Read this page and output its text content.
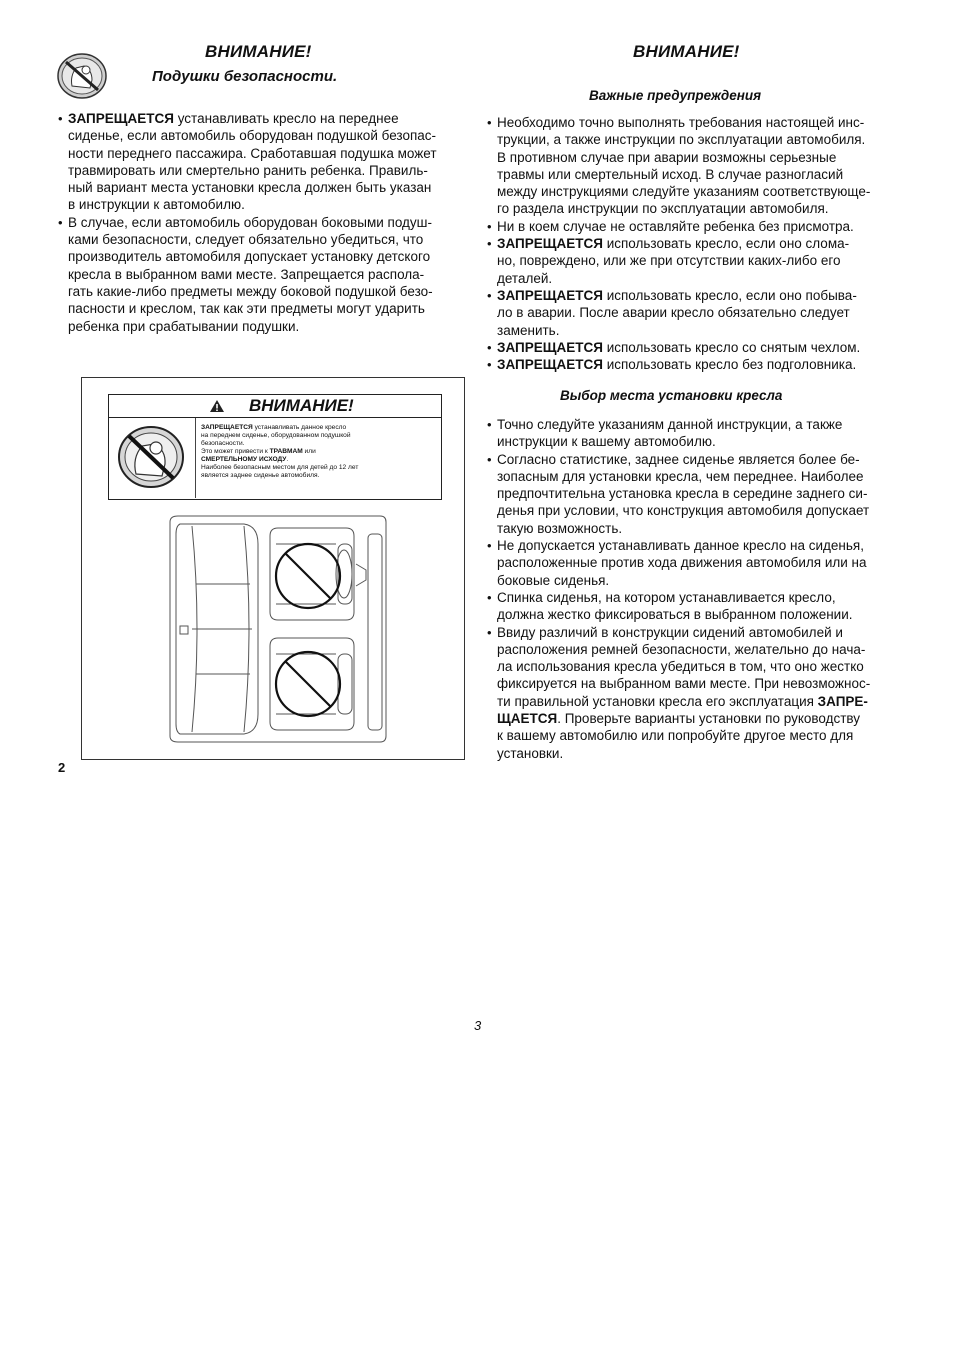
ВНИМАНИЕ!
Подушки безопасности.
• ЗАПРЕЩАЕТСЯ устанавливать кресло на переднее
сиденье, если автомобиль оборудован подушкой безопас-
ности переднего пассажира. Сработавшая подушка может
травмировать или смертельно ранить ребенка. Правиль-
ный вариант места установки кресла должен быть указан
в инструкции к автомобилю.
• В случае, если автомобиль оборудован боковыми подуш-
ками безопасности, следует обязательно убедиться, что
производитель автомобиля допускает установку детского
кресла в выбранном вами месте. Запрещается распола-
гать какие-либо предметы между боковой подушкой безо-
пасности и креслом, так как эти предметы могут ударить
ребенка при срабатывании подушки.
ВНИМАНИЕ!
ЗАПРЕЩАЕТСЯ устанавливать данное кресло
на переднем сиденье, оборудованном подушкой
безопасности.
Это может привести к ТРАВМАМ или
СМЕРТЕЛЬНОМУ ИСХОДУ.
Наиболее безопасным местом для детей до 12 лет
является заднее сиденье автомобиля.
2
ВНИМАНИЕ!
Важные предупреждения
• Необходимо точно выполнять требования настоящей инс-
трукции, а также инструкции по эксплуатации автомобиля.
В противном случае при аварии возможны серьезные
травмы или смертельный исход. В случае разногласий
между инструкциями следуйте указаниям соответствующе-
го раздела инструкции по эксплуатации автомобиля.
• Ни в коем случае не оставляйте ребенка без присмотра.
• ЗАПРЕЩАЕТСЯ использовать кресло, если оно сломa-
но, повреждено, или же при отсутствии каких-либо его
деталей.
• ЗАПРЕЩАЕТСЯ использовать кресло, если оно побыва-
ло в аварии. После аварии кресло обязательно следует
заменить.
• ЗАПРЕЩАЕТСЯ использовать кресло со снятым чехлом.
• ЗАПРЕЩАЕТСЯ использовать кресло без подголовника.
Выбор места установки кресла
• Точно следуйте указаниям данной инструкции, а также
инструкции к вашему автомобилю.
• Согласно статистике, заднее сиденье является более бе-
зопасным для установки кресла, чем переднее. Наиболее
предпочтительна установка кресла в середине заднего си-
денья при условии, что конструкция автомобиля допускает
такую возможность.
• Не допускается устанавливать данное кресло на сиденья,
расположенные против хода движения автомобиля или на
боковые сиденья.
• Спинка сиденья, на котором устанавливается кресло,
должна жестко фиксироваться в выбранном положении.
• Ввиду различий в конструкции сидений автомобилей и
расположения ремней безопасности, желательно до нача-
ла использования кресла убедиться в том, что оно жестко
фиксируется на выбранном вами месте. При невозможнос-
ти правильной установки кресла его эксплуатация ЗАПРЕ-
ЩАЕТСЯ. Проверьте варианты установки по руководству
к вашему автомобилю или попробуйте другое место для
установки.
3
